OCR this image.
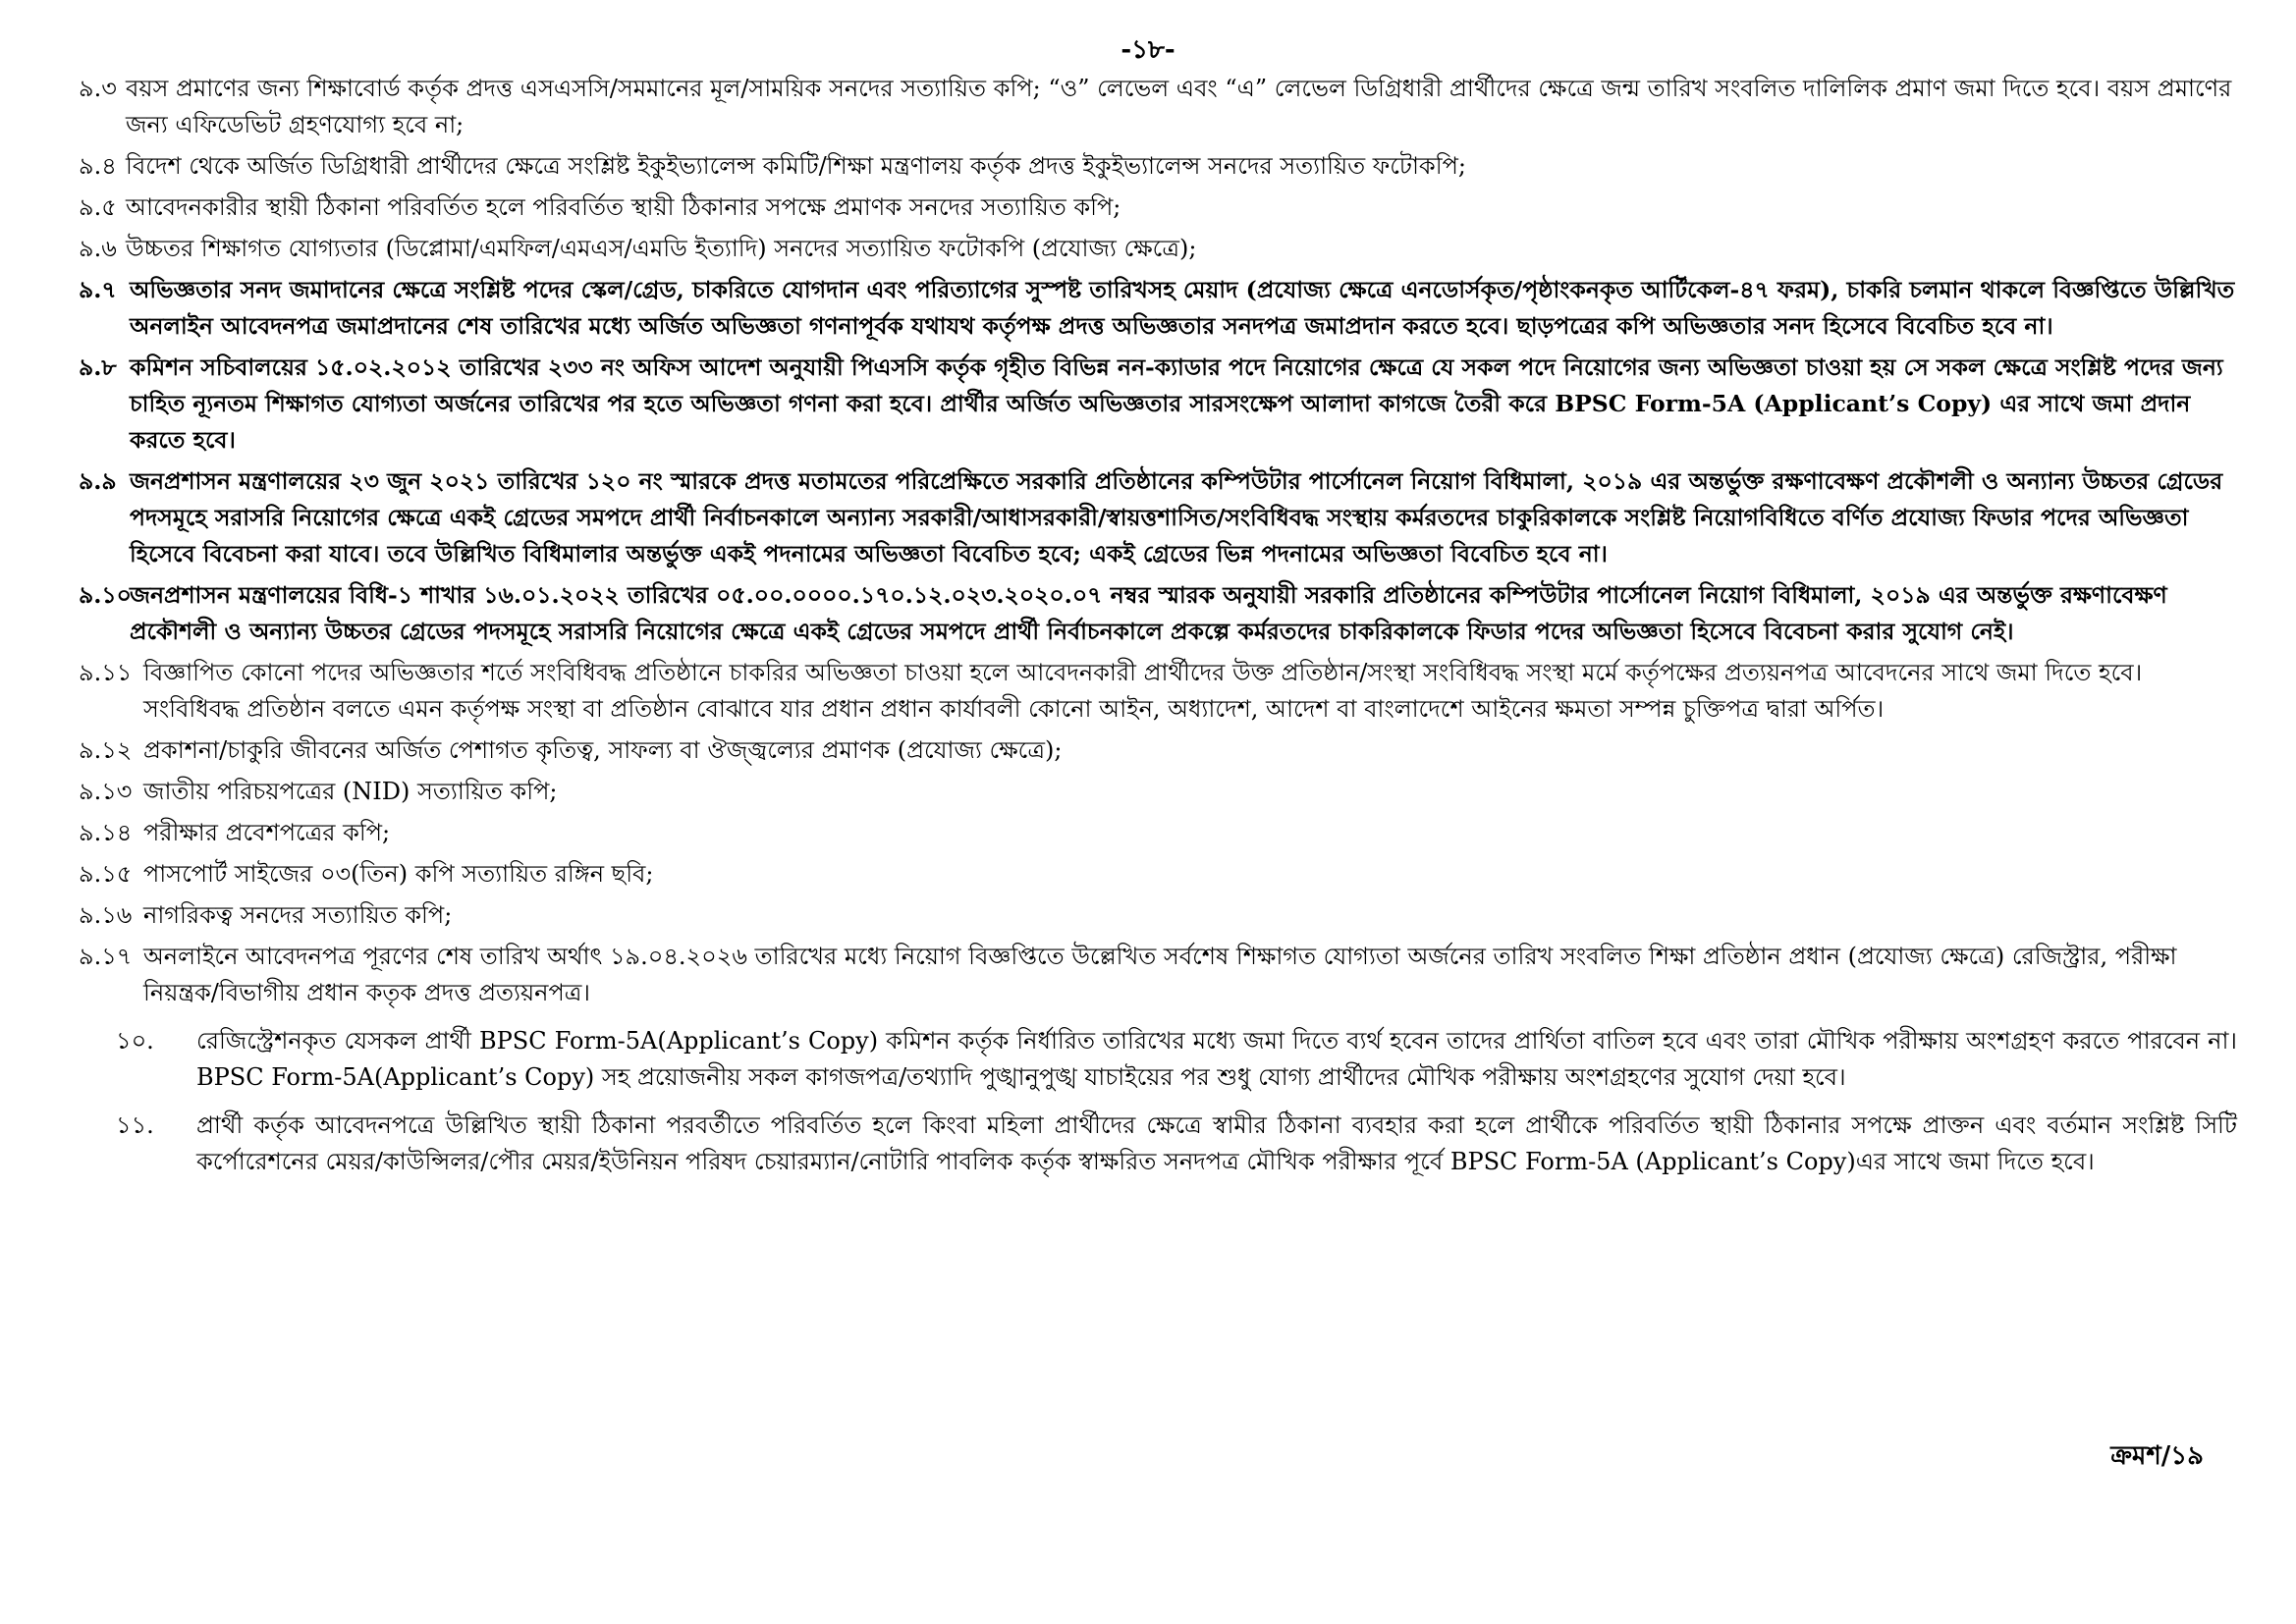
-১৮-
৯.৩ বয়স প্রমাণের জন্য শিক্ষাবোর্ড কর্তৃক প্রদত্ত এসএসসি/সমমানের মূল/সাময়িক সনদের সত্যায়িত কপি; “ও” লেভেল এবং “এ” লেভেল ডিগ্রিধারী প্রার্থীদের ক্ষেত্রে জন্ম তারিখ সংবলিত দালিলিক প্রমাণ জমা দিতে হবে। বয়স প্রমাণের জন্য এফিডেভিট গ্রহণযোগ্য হবে না;
৯.৪ বিদেশ থেকে অর্জিত ডিগ্রিধারী প্রার্থীদের ক্ষেত্রে সংশ্লিষ্ট ইকুইভ্যালেন্স কমিটি/শিক্ষা মন্ত্রণালয় কর্তৃক প্রদত্ত ইকুইভ্যালেন্স সনদের সত্যায়িত ফটোকপি;
৯.৫ আবেদনকারীর স্থায়ী ঠিকানা পরিবর্তিত হলে পরিবর্তিত স্থায়ী ঠিকানার সপক্ষে প্রমাণক সনদের সত্যায়িত কপি;
৯.৬ উচ্চতর শিক্ষাগত যোগ্যতার (ডিপ্লোমা/এমফিল/এমএস/এমডি ইত্যাদি) সনদের সত্যায়িত ফটোকপি (প্রযোজ্য ক্ষেত্রে);
৯.৭ অভিজ্ঞতার সনদ জমাদানের ক্ষেত্রে সংশ্লিষ্ট পদের স্কেল/গ্রেড, চাকরিতে যোগদান এবং পরিত্যাগের সুস্পষ্ট তারিখসহ মেয়াদ (প্রযোজ্য ক্ষেত্রে এনডোর্সকৃত/পৃষ্ঠাংকনকৃত আর্টিকেল-৪৭ ফরম), চাকরি চলমান থাকলে বিজ্ঞপ্তিতে উল্লিখিত অনলাইন আবেদনপত্র জমাপ্রদানের শেষ তারিখের মধ্যে অর্জিত অভিজ্ঞতা গণনাপূর্বক যথাযথ কর্তৃপক্ষ প্রদত্ত অভিজ্ঞতার সনদপত্র জমাপ্রদান করতে হবে। ছাড়পত্রের কপি অভিজ্ঞতার সনদ হিসেবে বিবেচিত হবে না।
৯.৮ কমিশন সচিবালয়ের ১৫.০২.২০১২ তারিখের ২৩৩ নং অফিস আদেশ অনুযায়ী পিএসসি কর্তৃক গৃহীত বিভিন্ন নন-ক্যাডার পদে নিয়োগের ক্ষেত্রে যে সকল পদে নিয়োগের জন্য অভিজ্ঞতা চাওয়া হয় সে সকল ক্ষেত্রে সংশ্লিষ্ট পদের জন্য চাহিত ন্যূনতম শিক্ষাগত যোগ্যতা অর্জনের তারিখের পর হতে অভিজ্ঞতা গণনা করা হবে। প্রার্থীর অর্জিত অভিজ্ঞতার সারসংক্ষেপ আলাদা কাগজে তৈরী করে BPSC Form-5A (Applicant’s Copy) এর সাথে জমা প্রদান করতে হবে।
৯.৯ জনপ্রশাসন মন্ত্রণালয়ের ২৩ জুন ২০২১ তারিখের ১২০ নং স্মারকে প্রদত্ত মতামতের পরিপ্রেক্ষিতে সরকারি প্রতিষ্ঠানের কম্পিউটার পার্সোনেল নিয়োগ বিধিমালা, ২০১৯ এর অন্তর্ভুক্ত রক্ষণাবেক্ষণ প্রকৌশলী ও অন্যান্য উচ্চতর গ্রেডের পদসমূহে সরাসরি নিয়োগের ক্ষেত্রে একই গ্রেডের সমপদে প্রার্থী নির্বাচনকালে অন্যান্য সরকারী/আধাসরকারী/স্বায়ত্তশাসিত/সংবিধিবদ্ধ সংস্থায় কর্মরতদের চাকুরিকালকে সংশ্লিষ্ট নিয়োগবিধিতে বর্ণিত প্রযোজ্য ফিডার পদের অভিজ্ঞতা হিসেবে বিবেচনা করা যাবে। তবে উল্লিখিত বিধিমালার অন্তর্ভুক্ত একই পদনামের অভিজ্ঞতা বিবেচিত হবে; একই গ্রেডের ভিন্ন পদনামের অভিজ্ঞতা বিবেচিত হবে না।
৯.১০
জনপ্রশাসন মন্ত্রণালয়ের বিধি-১ শাখার ১৬.০১.২০২২ তারিখের ০৫.০০.০০০০.১৭০.১২.০২৩.২০২০.০৭ নম্বর স্মারক অনুযায়ী সরকারি প্রতিষ্ঠানের কম্পিউটার পার্সোনেল নিয়োগ বিধিমালা, ২০১৯ এর অন্তর্ভুক্ত রক্ষণাবেক্ষণ প্রকৌশলী ও অন্যান্য উচ্চতর গ্রেডের পদসমূহে সরাসরি নিয়োগের ক্ষেত্রে একই গ্রেডের সমপদে প্রার্থী নির্বাচনকালে প্রকল্পে কর্মরতদের চাকরিকালকে ফিডার পদের অভিজ্ঞতা হিসেবে বিবেচনা করার সুযোগ নেই।
৯.১১ বিজ্ঞাপিত কোনো পদের অভিজ্ঞতার শর্তে সংবিধিবদ্ধ প্রতিষ্ঠানে চাকরির অভিজ্ঞতা চাওয়া হলে আবেদনকারী প্রার্থীদের উক্ত প্রতিষ্ঠান/সংস্থা সংবিধিবদ্ধ সংস্থা মর্মে কর্তৃপক্ষের প্রত্যয়নপত্র আবেদনের সাথে জমা দিতে হবে। সংবিধিবদ্ধ প্রতিষ্ঠান বলতে এমন কর্তৃপক্ষ সংস্থা বা প্রতিষ্ঠান বোঝাবে যার প্রধান প্রধান কার্যাবলী কোনো আইন, অধ্যাদেশ, আদেশ বা বাংলাদেশে আইনের ক্ষমতা সম্পন্ন চুক্তিপত্র দ্বারা অর্পিত।
৯.১২ প্রকাশনা/চাকুরি জীবনের অর্জিত পেশাগত কৃতিত্ব, সাফল্য বা ঔজ্জ্বল্যের প্রমাণক (প্রযোজ্য ক্ষেত্রে);
৯.১৩ জাতীয় পরিচয়পত্রের (NID) সত্যায়িত কপি;
৯.১৪ পরীক্ষার প্রবেশপত্রের কপি;
৯.১৫ পাসপোর্ট সাইজের ০৩(তিন) কপি সত্যায়িত রঙ্গিন ছবি;
৯.১৬ নাগরিকত্ব সনদের সত্যায়িত কপি;
৯.১৭ অনলাইনে আবেদনপত্র পূরণের শেষ তারিখ অর্থাৎ ১৯.০৪.২০২৬ তারিখের মধ্যে নিয়োগ বিজ্ঞপ্তিতে উল্লেখিত সর্বশেষ শিক্ষাগত যোগ্যতা অর্জনের তারিখ সংবলিত শিক্ষা প্রতিষ্ঠান প্রধান (প্রযোজ্য ক্ষেত্রে) রেজিস্ট্রার, পরীক্ষা নিয়ন্ত্রক/বিভাগীয় প্রধান কতৃক প্রদত্ত প্রত্যয়নপত্র।
১০.	রেজিস্ট্রেশনকৃত যেসকল প্রার্থী BPSC Form-5A(Applicant’s Copy) কমিশন কর্তৃক নির্ধারিত তারিখের মধ্যে জমা দিতে ব্যর্থ হবেন তাদের প্রার্থিতা বাতিল হবে এবং তারা মৌখিক পরীক্ষায় অংশগ্রহণ করতে পারবেন না। BPSC Form-5A(Applicant’s Copy) সহ প্রয়োজনীয় সকল কাগজপত্র/তথ্যাদি পুঙ্খানুপুঙ্খ যাচাইয়ের পর শুধু যোগ্য প্রার্থীদের মৌখিক পরীক্ষায় অংশগ্রহণের সুযোগ দেয়া হবে।
১১.	প্রার্থী কর্তৃক আবেদনপত্রে উল্লিখিত স্থায়ী ঠিকানা পরবর্তীতে পরিবর্তিত হলে কিংবা মহিলা প্রার্থীদের ক্ষেত্রে স্বামীর ঠিকানা ব্যবহার করা হলে প্রার্থীকে পরিবর্তিত স্থায়ী ঠিকানার সপক্ষে প্রাক্তন এবং বর্তমান সংশ্লিষ্ট সিটি কর্পোরেশনের মেয়র/কাউন্সিলর/পৌর মেয়র/ইউনিয়ন পরিষদ চেয়ারম্যান/নোটারি পাবলিক কর্তৃক স্বাক্ষরিত সনদপত্র মৌখিক পরীক্ষার পূর্বে BPSC Form-5A (Applicant’s Copy)এর সাথে জমা দিতে হবে।
ক্রমশ/১৯
